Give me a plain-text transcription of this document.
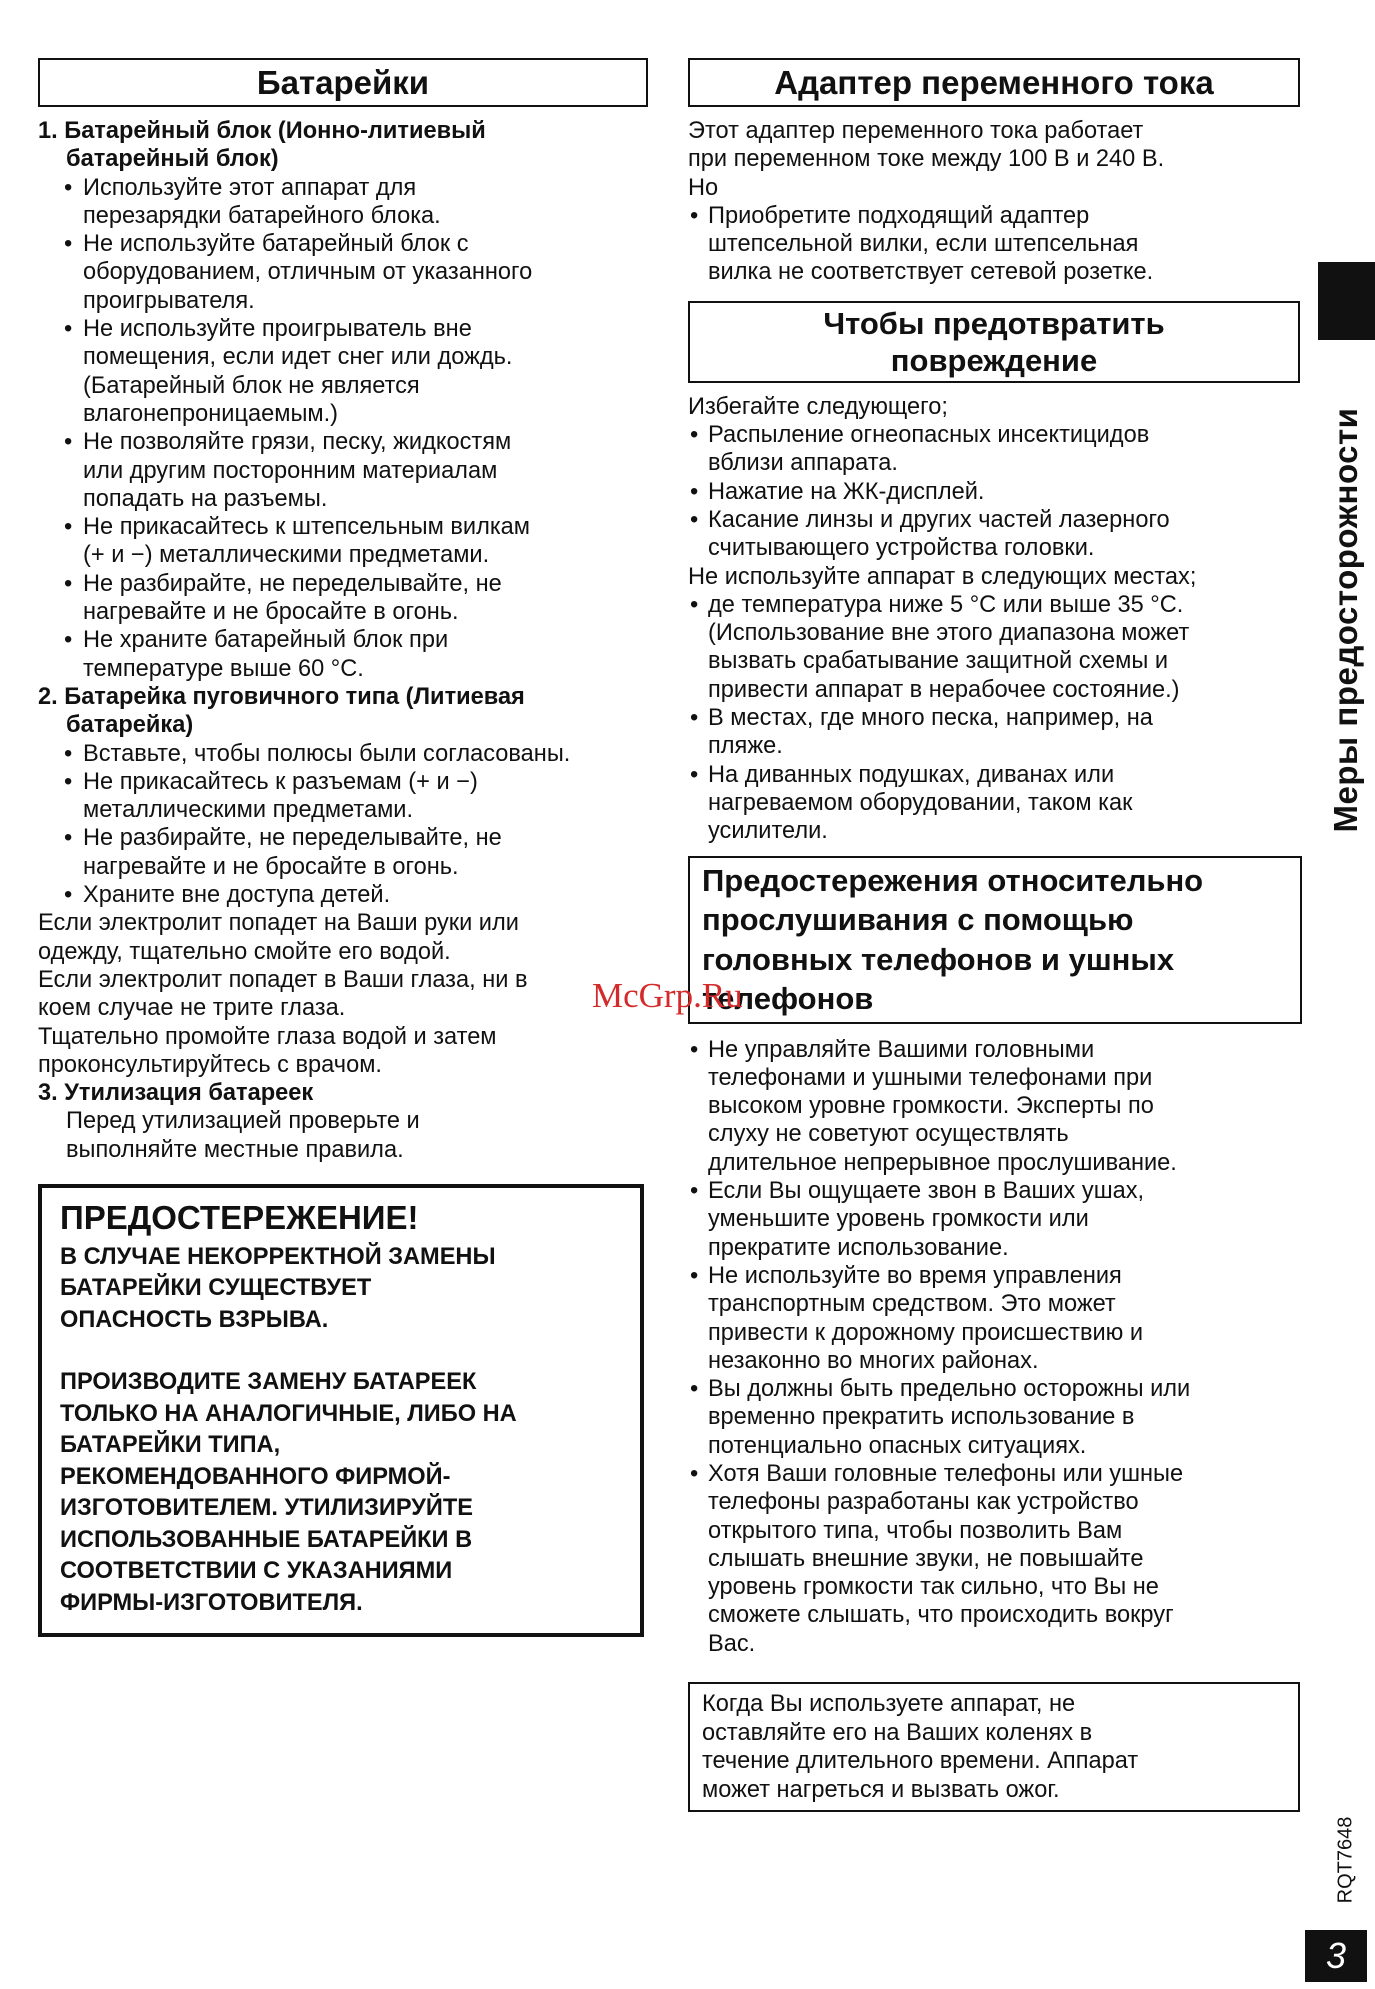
Батарейки
1. Батарейный блок (Ионно-литиевый
батарейный блок)
• Используйте этот аппарат для
перезарядки батарейного блока.
• Не используйте батарейный блок с
оборудованием, отличным от указанного
проигрывателя.
• Не используйте проигрыватель вне
помещения, если идет снег или дождь.
(Батарейный блок не является
влагонепроницаемым.)
• Не позволяйте грязи, песку, жидкостям
или другим посторонним материалам
попадать на разъемы.
• Не прикасайтесь к штепсельным вилкам
(+ и −) металлическими предметами.
• Не разбирайте, не переделывайте, не
нагревайте и не бросайте в огонь.
• Не храните батарейный блок при
температуре выше 60 °C.
2. Батарейка пуговичного типа (Литиевая
батарейка)
• Вставьте, чтобы полюсы были согласованы.
• Не прикасайтесь к разъемам (+ и −)
металлическими предметами.
• Не разбирайте, не переделывайте, не
нагревайте и не бросайте в огонь.
• Храните вне доступа детей.
Если электролит попадет на Ваши руки или
одежду, тщательно смойте его водой.
Если электролит попадет в Ваши глаза, ни в
коем случае не трите глаза.
Тщательно промойте глаза водой и затем
проконсультируйтесь с врачом.
3. Утилизация батареек
Перед утилизацией проверьте и
выполняйте местные правила.
ПРЕДОСТЕРЕЖЕНИЕ!
В СЛУЧАЕ НЕКОРРЕКТНОЙ ЗАМЕНЫ
БАТАРЕЙКИ СУЩЕСТВУЕТ
ОПАСНОСТЬ ВЗРЫВА.
ПРОИЗВОДИТЕ ЗАМЕНУ БАТАРЕЕК
ТОЛЬКО НА АНАЛОГИЧНЫЕ, ЛИБО НА
БАТАРЕЙКИ ТИПА,
РЕКОМЕНДОВАННОГО ФИРМОЙ-
ИЗГОТОВИТЕЛЕМ. УТИЛИЗИРУЙТЕ
ИСПОЛЬЗОВАННЫЕ БАТАРЕЙКИ В
СООТВЕТСТВИИ С УКАЗАНИЯМИ
ФИРМЫ-ИЗГОТОВИТЕЛЯ.
Адаптер переменного тока
Этот адаптер переменного тока работает
при переменном токе между 100 В и 240 В.
Но
• Приобретите подходящий адаптер
штепсельной вилки, если штепсельная
вилка не соответствует сетевой розетке.
Чтобы предотвратить
повреждение
Избегайте следующего;
• Распыление огнеопасных инсектицидов
вблизи аппарата.
• Нажатие на ЖК-дисплей.
• Касание линзы и других частей лазерного
считывающего устройства головки.
Не используйте аппарат в следующих местах;
• де температура ниже 5 °C или выше 35 °C.
(Использование вне этого диапазона может
вызвать срабатывание защитной схемы и
привести аппарат в нерабочее состояние.)
• В местах, где много песка, например, на
пляже.
• На диванных подушках, диванах или
нагреваемом оборудовании, таком как
усилители.
Предостережения относительно
прослушивания с помощью
головных телефонов и ушных
телефонов
• Не управляйте Вашими головными
телефонами и ушными телефонами при
высоком уровне громкости. Эксперты по
слуху не советуют осуществлять
длительное непрерывное прослушивание.
• Если Вы ощущаете звон в Ваших ушах,
уменьшите уровень громкости или
прекратите использование.
• Не используйте во время управления
транспортным средством. Это может
привести к дорожному происшествию и
незаконно во многих районах.
• Вы должны быть предельно осторожны или
временно прекратить использование в
потенциально опасных ситуациях.
• Хотя Ваши головные телефоны или ушные
телефоны разработаны как устройство
открытого типа, чтобы позволить Вам
слышать внешние звуки, не повышайте
уровень громкости так сильно, что Вы не
сможете слышать, что происходить вокруг
Вас.
Когда Вы используете аппарат, не
оставляйте его на Ваших коленях в
течение длительного времени. Аппарат
может нагреться и вызвать ожог.
Меры предосторожности
RQT7648
3
McGrp.Ru
